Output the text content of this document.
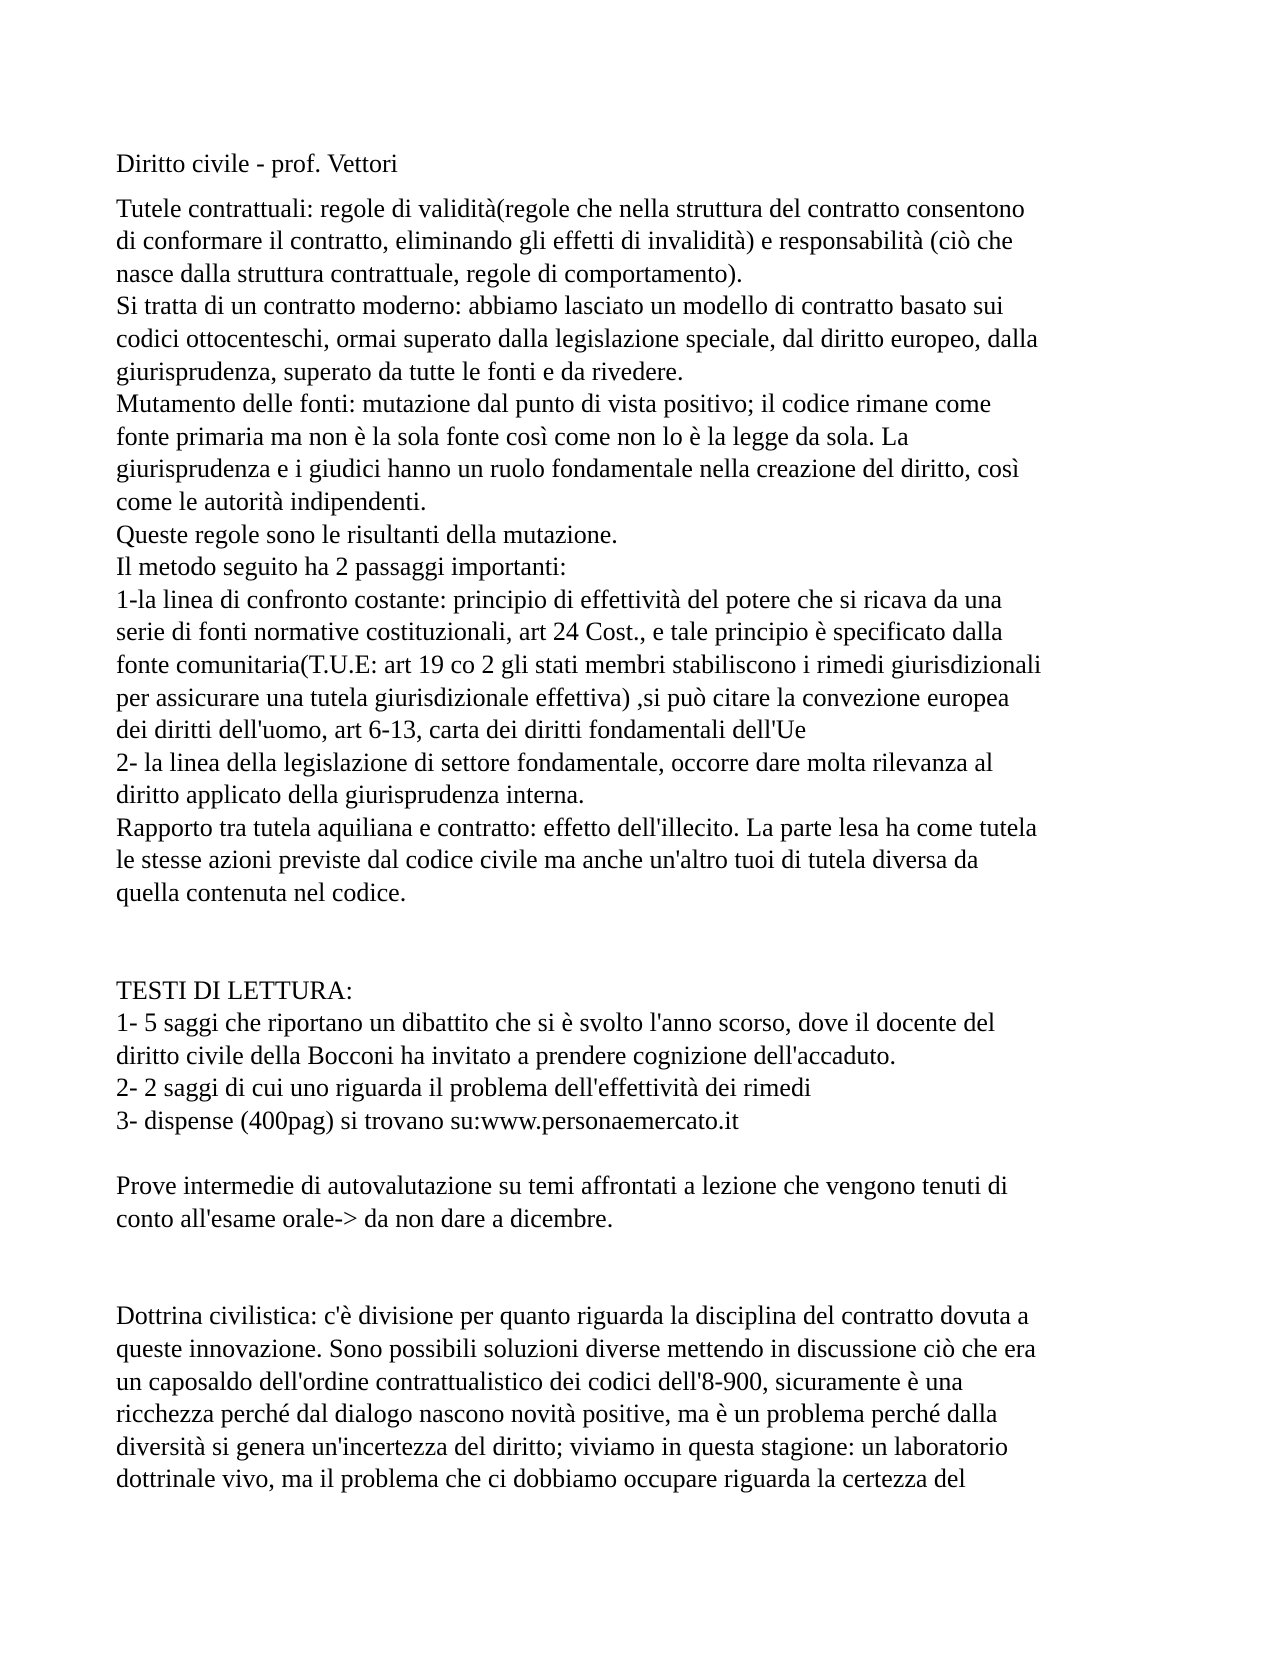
Diritto civile - prof. Vettori
Tutele contrattuali: regole di validità(regole che nella struttura del contratto consentono
di conformare il contratto, eliminando gli effetti di invalidità) e responsabilità (ciò che
nasce dalla struttura contrattuale, regole di comportamento).
Si tratta di un contratto moderno: abbiamo lasciato un modello di contratto basato sui
codici ottocenteschi, ormai superato dalla legislazione speciale, dal diritto europeo, dalla
giurisprudenza, superato da tutte le fonti e da rivedere.
Mutamento delle fonti: mutazione dal punto di vista positivo; il codice rimane come
fonte primaria ma non è la sola fonte così come non lo è la legge da sola. La
giurisprudenza e i giudici hanno un ruolo fondamentale nella creazione del diritto, così
come le autorità indipendenti.
Queste regole sono le risultanti della mutazione.
Il metodo seguito ha 2 passaggi importanti:
1-la linea di confronto costante: principio di effettività del potere che si ricava da una
serie di fonti normative costituzionali, art 24 Cost., e tale principio è specificato dalla
fonte comunitaria(T.U.E: art 19 co 2 gli stati membri stabiliscono i rimedi giurisdizionali
per assicurare una tutela giurisdizionale effettiva) ,si può citare la convezione europea
dei diritti dell'uomo, art 6-13, carta dei diritti fondamentali dell'Ue
2- la linea della legislazione di settore fondamentale, occorre dare molta rilevanza al
diritto applicato della giurisprudenza interna.
Rapporto tra tutela aquiliana e contratto: effetto dell'illecito. La parte lesa ha come tutela
le stesse azioni previste dal codice civile ma anche un'altro tuoi di tutela diversa da
quella contenuta nel codice.
TESTI DI LETTURA:
1- 5 saggi che riportano un dibattito che si è svolto l'anno scorso, dove il docente del
diritto civile della Bocconi ha invitato a prendere cognizione dell'accaduto.
2- 2 saggi di cui uno riguarda il problema dell'effettività dei rimedi
3- dispense (400pag) si trovano su:www.personaemercato.it
Prove intermedie di autovalutazione su temi affrontati a lezione che vengono tenuti di
conto all'esame orale-> da non dare a dicembre.
Dottrina civilistica: c'è divisione per quanto riguarda la disciplina del contratto dovuta a
queste innovazione. Sono possibili soluzioni diverse mettendo in discussione ciò che era
un caposaldo dell'ordine contrattualistico dei codici dell'8-900, sicuramente è una
ricchezza perché dal dialogo nascono novità positive, ma è un problema perché dalla
diversità si genera un'incertezza del diritto; viviamo in questa stagione: un laboratorio
dottrinale vivo, ma il problema che ci dobbiamo occupare riguarda la certezza del
